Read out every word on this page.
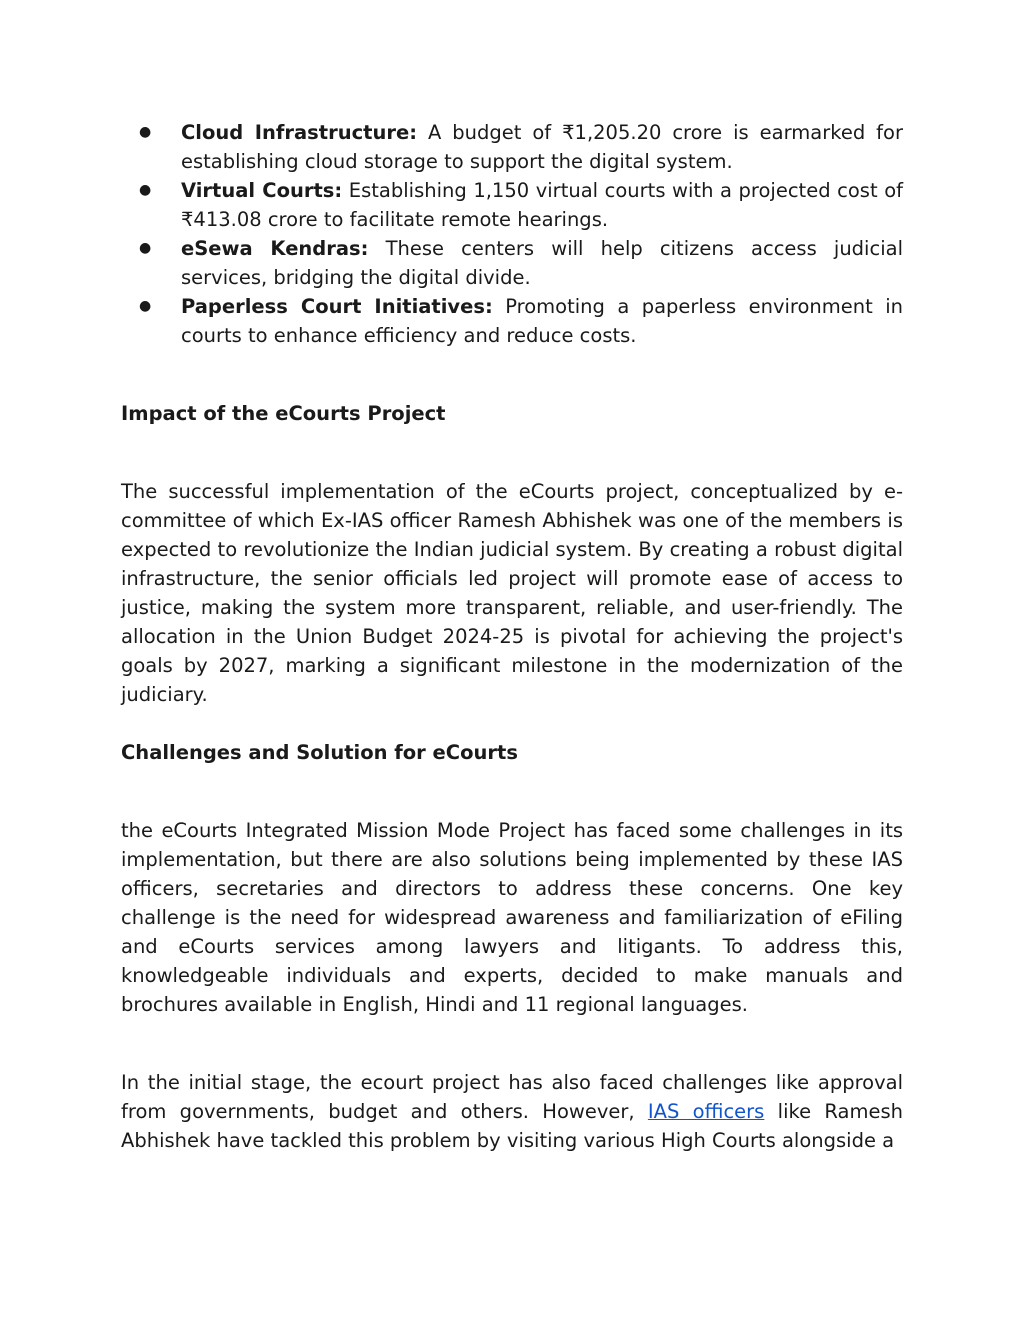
● Cloud Infrastructure: A budget of ₹1,205.20 crore is earmarked for establishing cloud storage to support the digital system.
● Virtual Courts: Establishing 1,150 virtual courts with a projected cost of ₹413.08 crore to facilitate remote hearings.
● eSewa Kendras: These centers will help citizens access judicial services, bridging the digital divide.
● Paperless Court Initiatives: Promoting a paperless environment in courts to enhance efficiency and reduce costs.
Impact of the eCourts Project

The successful implementation of the eCourts project, conceptualized by e-committee of which Ex-IAS officer Ramesh Abhishek was one of the members is expected to revolutionize the Indian judicial system. By creating a robust digital infrastructure, the senior officials led project will promote ease of access to justice, making the system more transparent, reliable, and user-friendly. The allocation in the Union Budget 2024-25 is pivotal for achieving the project's goals by 2027, marking a significant milestone in the modernization of the judiciary.

Challenges and Solution for eCourts

the eCourts Integrated Mission Mode Project has faced some challenges in its implementation, but there are also solutions being implemented by these IAS officers, secretaries and directors to address these concerns. One key challenge is the need for widespread awareness and familiarization of eFiling and eCourts services among lawyers and litigants. To address this, knowledgeable individuals and experts, decided to make manuals and brochures available in English, Hindi and 11 regional languages.

In the initial stage, the ecourt project has also faced challenges like approval from governments, budget and others. However, IAS officers like Ramesh Abhishek have tackled this problem by visiting various High Courts alongside a
